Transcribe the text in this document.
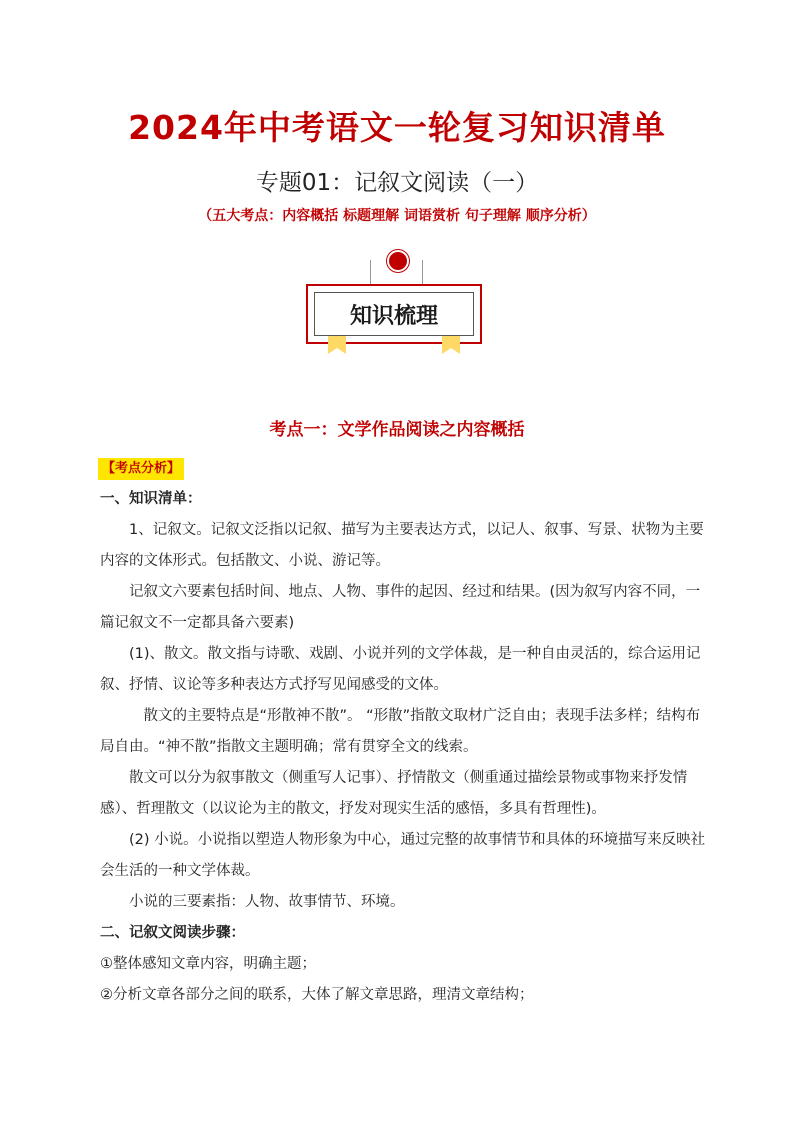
2024年中考语文一轮复习知识清单
专题01：记叙文阅读（一）
（五大考点：内容概括 标题理解 词语赏析 句子理解 顺序分析）
知识梳理
考点一：文学作品阅读之内容概括
【考点分析】

一、知识清单：

1、记叙文。记叙文泛指以记叙、描写为主要表达方式，以记人、叙事、写景、状物为主要内容的文体形式。包括散文、小说、游记等。

记叙文六要素包括时间、地点、人物、事件的起因、经过和结果。(因为叙写内容不同，一篇记叙文不一定都具备六要素)

(1)、散文。散文指与诗歌、戏剧、小说并列的文学体裁，是一种自由灵活的，综合运用记叙、抒情、议论等多种表达方式抒写见闻感受的文体。

散文的主要特点是“形散神不散”。 “形散”指散文取材广泛自由；表现手法多样；结构布局自由。“神不散”指散文主题明确；常有贯穿全文的线索。

散文可以分为叙事散文（侧重写人记事）、抒情散文（侧重通过描绘景物或事物来抒发情感）、哲理散文（以议论为主的散文，抒发对现实生活的感悟，多具有哲理性)。

(2) 小说。小说指以塑造人物形象为中心，通过完整的故事情节和具体的环境描写来反映社会生活的一种文学体裁。

小说的三要素指：人物、故事情节、环境。

二、记叙文阅读步骤：

①整体感知文章内容，明确主题；

②分析文章各部分之间的联系，大体了解文章思路，理清文章结构；
